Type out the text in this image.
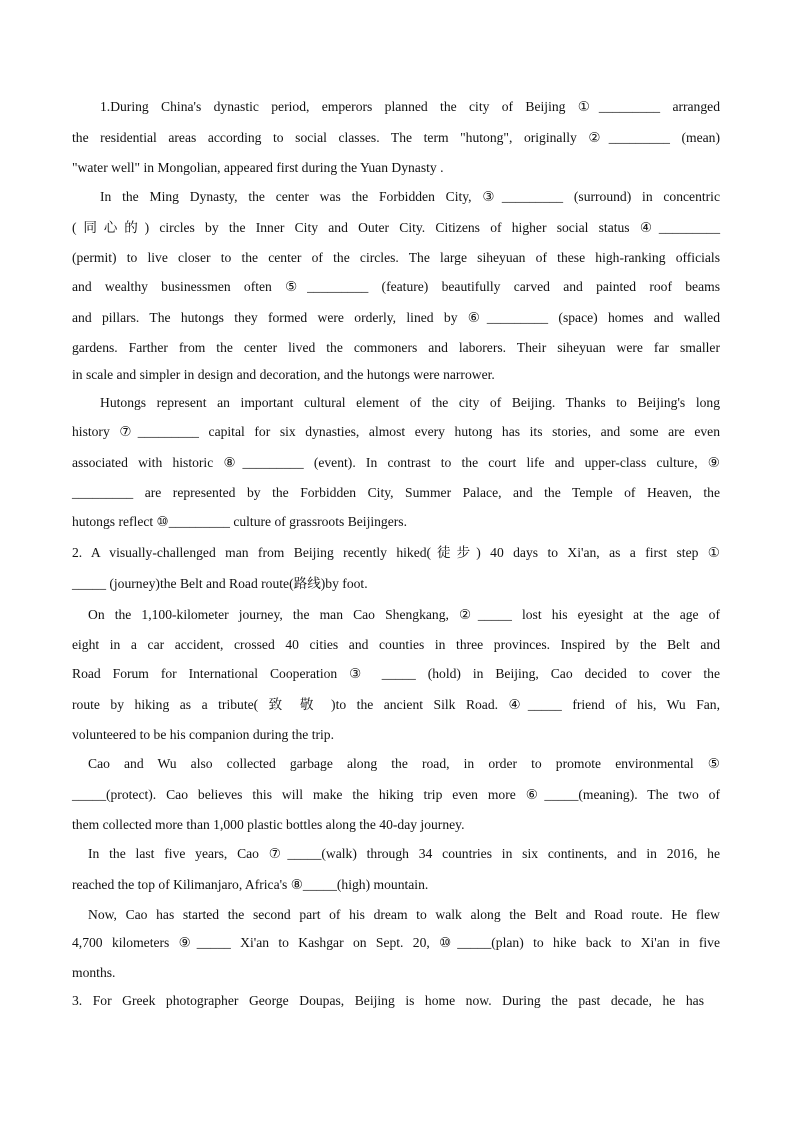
1.During China's dynastic period, emperors planned the city of Beijing ①_________ arranged
the residential areas according to social classes. The term "hutong", originally ②_________ (mean)
"water well" in Mongolian, appeared first during the Yuan Dynasty .
In the Ming Dynasty, the center was the Forbidden City, ③_________ (surround) in concentric
(同心的) circles by the Inner City and Outer City. Citizens of higher social status ④_________
(permit) to live closer to the center of the circles. The large siheyuan of these high-ranking officials
and wealthy businessmen often ⑤_________ (feature) beautifully carved and painted roof beams
and pillars. The hutongs they formed were orderly, lined by ⑥_________ (space) homes and walled
gardens. Farther from the center lived the commoners and laborers. Their siheyuan were far smaller
in scale and simpler in design and decoration, and the hutongs were narrower.
Hutongs represent an important cultural element of the city of Beijing. Thanks to Beijing's long
history ⑦_________ capital for six dynasties, almost every hutong has its stories, and some are even
associated with historic ⑧_________ (event). In contrast to the court life and upper-class culture, ⑨
_________ are represented by the Forbidden City, Summer Palace, and the Temple of Heaven, the
hutongs reflect ⑩_________ culture of grassroots Beijingers.
2. A visually-challenged man from Beijing recently hiked(徒步) 40 days to Xi'an, as a first step ①
_____ (journey)the Belt and Road route(路线)by foot.
On the 1,100-kilometer journey, the man Cao Shengkang, ②_____ lost his eyesight at the age of
eight in a car accident, crossed 40 cities and counties in three provinces. Inspired by the Belt and
Road Forum for International Cooperation ③ _____ (hold) in Beijing, Cao decided to cover the
route by hiking as a tribute( 致 敬 )to the ancient Silk Road. ④_____ friend of his, Wu Fan,
volunteered to be his companion during the trip.
Cao and Wu also collected garbage along the road, in order to promote environmental ⑤
_____(protect). Cao believes this will make the hiking trip even more ⑥_____(meaning). The two of
them collected more than 1,000 plastic bottles along the 40-day journey.
In the last five years, Cao ⑦_____(walk) through 34 countries in six continents, and in 2016, he
reached the top of Kilimanjaro, Africa's ⑧_____(high) mountain.
Now, Cao has started the second part of his dream to walk along the Belt and Road route. He flew
4,700 kilometers ⑨_____ Xi'an to Kashgar on Sept. 20, ⑩_____(plan) to hike back to Xi'an in five
months.
3. For Greek photographer George Doupas, Beijing is home now. During the past decade, he has
